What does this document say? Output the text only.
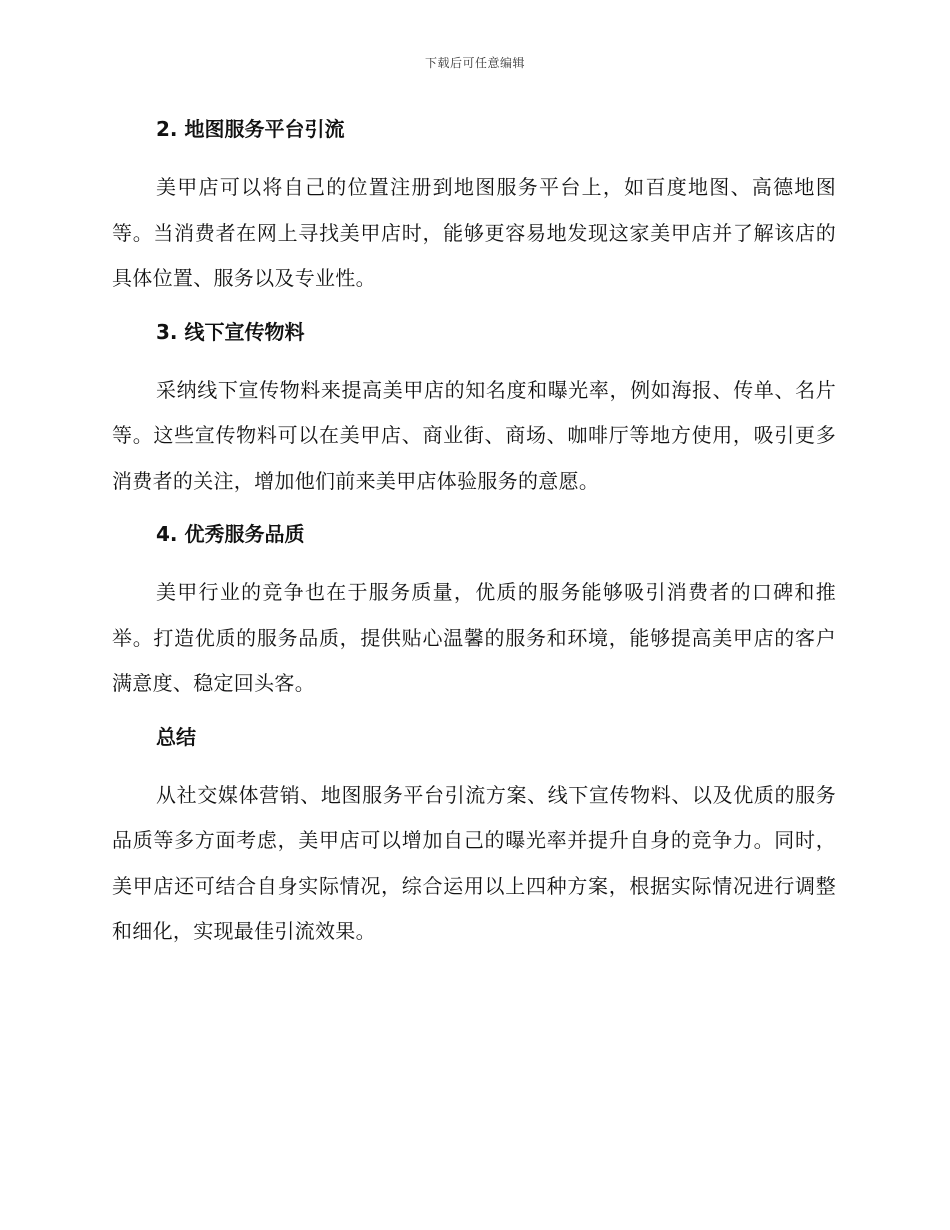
下载后可任意编辑
2. 地图服务平台引流

美甲店可以将自己的位置注册到地图服务平台上，如百度地图、高德地图等。当消费者在网上寻找美甲店时，能够更容易地发现这家美甲店并了解该店的具体位置、服务以及专业性。

3. 线下宣传物料

采纳线下宣传物料来提高美甲店的知名度和曝光率，例如海报、传单、名片等。这些宣传物料可以在美甲店、商业街、商场、咖啡厅等地方使用，吸引更多消费者的关注，增加他们前来美甲店体验服务的意愿。

4. 优秀服务品质

美甲行业的竞争也在于服务质量，优质的服务能够吸引消费者的口碑和推举。打造优质的服务品质，提供贴心温馨的服务和环境，能够提高美甲店的客户满意度、稳定回头客。

总结

从社交媒体营销、地图服务平台引流方案、线下宣传物料、以及优质的服务品质等多方面考虑，美甲店可以增加自己的曝光率并提升自身的竞争力。同时，美甲店还可结合自身实际情况，综合运用以上四种方案，根据实际情况进行调整和细化，实现最佳引流效果。
